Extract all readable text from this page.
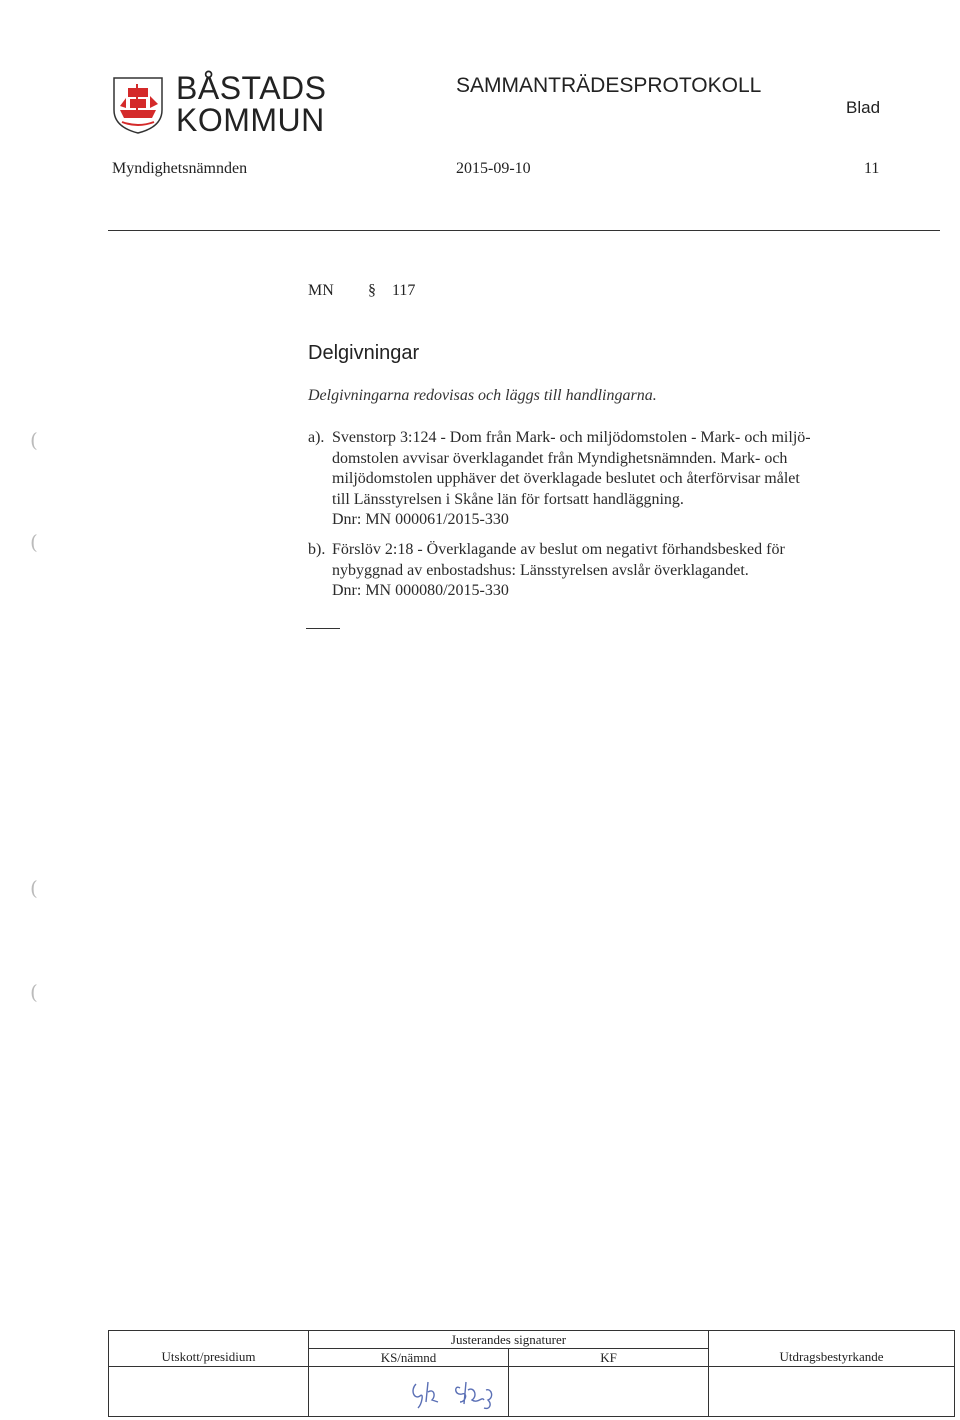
BÅSTADS
KOMMUN
SAMMANTRÄDESPROTOKOLL
Blad
Myndighetsnämnden	2015-09-10	11
MN § 117
Delgivningar
Delgivningarna redovisas och läggs till handlingarna.
a). Svenstorp 3:124 - Dom från Mark- och miljödomstolen - Mark- och miljö-
domstolen avvisar överklagandet från Myndighetsnämnden. Mark- och
miljödomstolen upphäver det överklagade beslutet och återförvisar målet
till Länsstyrelsen i Skåne län för fortsatt handläggning.
Dnr: MN 000061/2015-330
b). Förslöv 2:18 - Överklagande av beslut om negativt förhandsbesked för
nybyggnad av enbostadshus: Länsstyrelsen avslår överklagandet.
Dnr: MN 000080/2015-330
(
(
(
(
	Justerandes signaturer		
Utskott/presidium	KS/nämnd	KF	Utdragsbestyrkande
